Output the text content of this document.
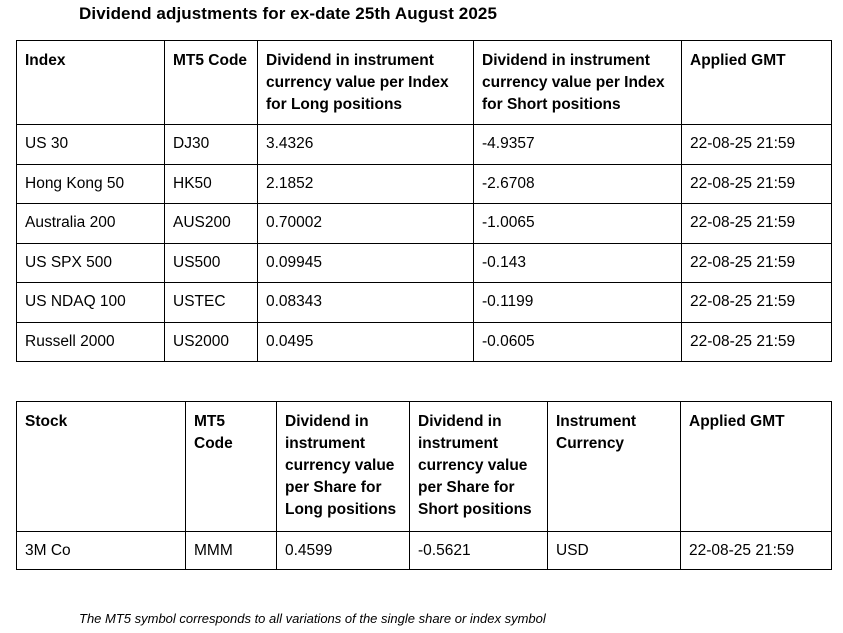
Dividend adjustments for ex-date 25th August 2025
Index	MT5 Code	Dividend in instrument currency value per Index for Long positions	Dividend in instrument currency value per Index for Short positions	Applied GMT
US 30	DJ30	3.4326	-4.9357	22-08-25 21:59
Hong Kong 50	HK50	2.1852	-2.6708	22-08-25 21:59
Australia 200	AUS200	0.70002	-1.0065	22-08-25 21:59
US SPX 500	US500	0.09945	-0.143	22-08-25 21:59
US NDAQ 100	USTEC	0.08343	-0.1199	22-08-25 21:59
Russell 2000	US2000	0.0495	-0.0605	22-08-25 21:59
Stock	MT5 Code	Dividend in instrument currency value per Share for Long positions	Dividend in instrument currency value per Share for Short positions	Instrument Currency	Applied GMT
3M Co	MMM	0.4599	-0.5621	USD	22-08-25 21:59
The MT5 symbol corresponds to all variations of the single share or index symbol
